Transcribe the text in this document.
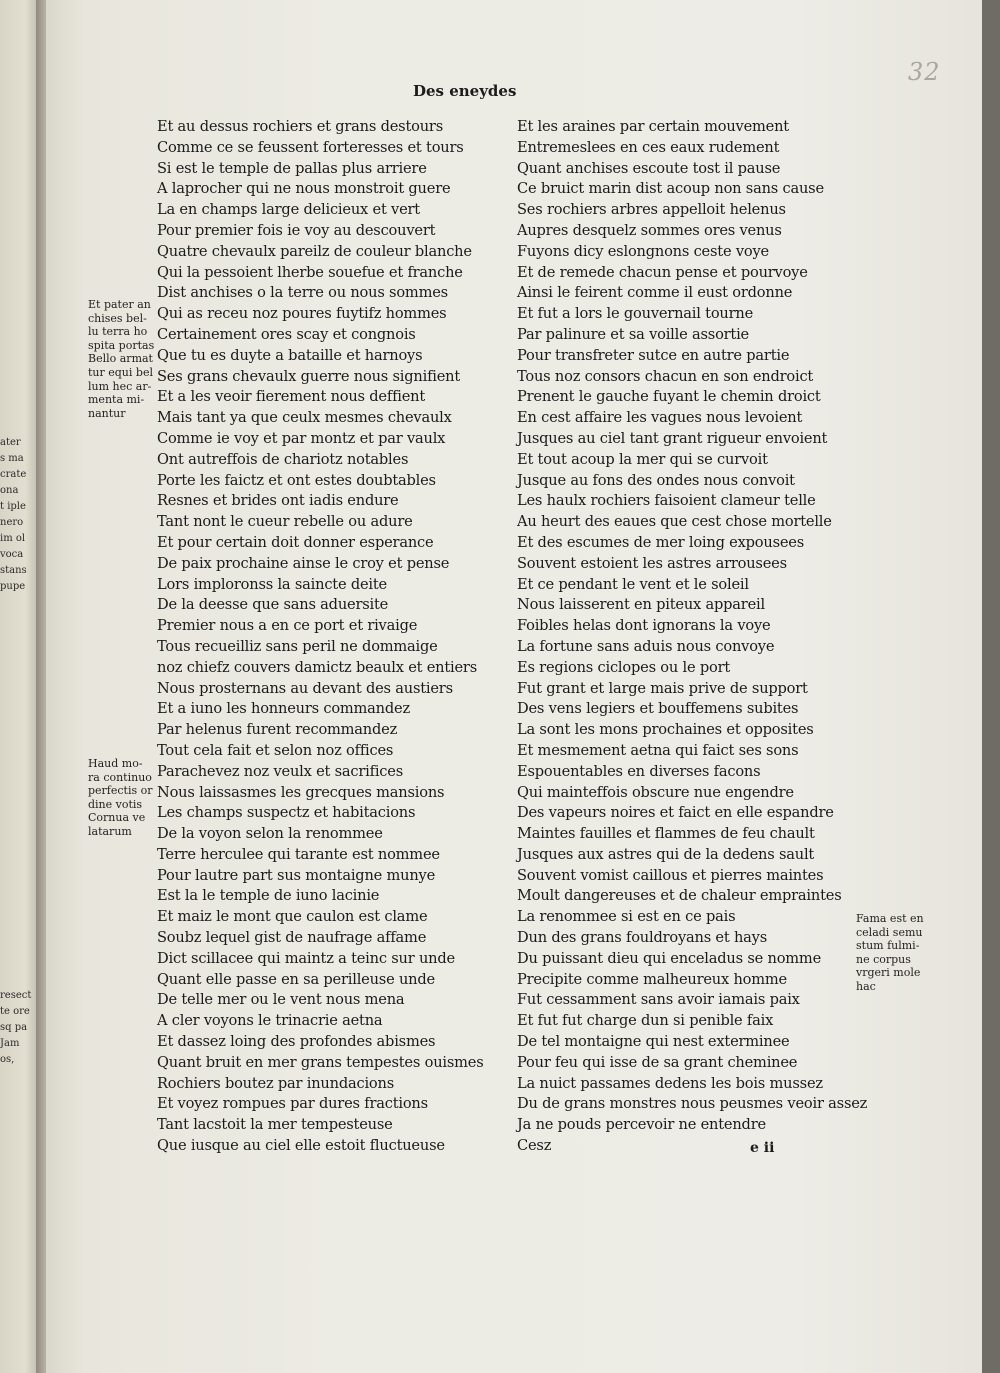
ater
s ma
crate
ona
t iple
nero
im ol
voca
stans
pupe
resect
te ore
sq pa
Jam
os,
32
Des eneydes
Et au dessus rochiers et grans destours
Comme ce se feussent forteresses et tours
Si est le temple de pallas plus arriere
A laprocher qui ne nous monstroit guere
La en champs large delicieux et vert
Pour premier fois ie voy au descouvert
Quatre chevaulx pareilz de couleur blanche
Qui la pessoient lherbe souefue et franche
Dist anchises o la terre ou nous sommes
Qui as receu noz poures fuytifz hommes
Certainement ores scay et congnois
Que tu es duyte a bataille et harnoys
Ses grans chevaulx guerre nous signifient
Et a les veoir fierement nous deffient
Mais tant ya que ceulx mesmes chevaulx
Comme ie voy et par montz et par vaulx
Ont autreffois de chariotz notables
Porte les faictz et ont estes doubtables
Resnes et brides ont iadis endure
Tant nont le cueur rebelle ou adure
Et pour certain doit donner esperance
De paix prochaine ainse le croy et pense
Lors imploronss la saincte deite
De la deesse que sans aduersite
Premier nous a en ce port et rivaige
Tous recueilliz sans peril ne dommaige
noz chiefz couvers damictz beaulx et entiers
Nous prosternans au devant des austiers
Et a iuno les honneurs commandez
Par helenus furent recommandez
Tout cela fait et selon noz offices
Parachevez noz veulx et sacrifices
Nous laissasmes les grecques mansions
Les champs suspectz et habitacions
De la voyon selon la renommee
Terre herculee qui tarante est nommee
Pour lautre part sus montaigne munye
Est la le temple de iuno lacinie
Et maiz le mont que caulon est clame
Soubz lequel gist de naufrage affame
Dict scillacee qui maintz a teinc sur unde
Quant elle passe en sa perilleuse unde
De telle mer ou le vent nous mena
A cler voyons le trinacrie aetna
Et dassez loing des profondes abismes
Quant bruit en mer grans tempestes ouismes
Rochiers boutez par inundacions
Et voyez rompues par dures fractions
Tant lacstoit la mer tempesteuse
Que iusque au ciel elle estoit fluctueuse
Et les araines par certain mouvement
Entremeslees en ces eaux rudement
Quant anchises escoute tost il pause
Ce bruict marin dist acoup non sans cause
Ses rochiers arbres appelloit helenus
Aupres desquelz sommes ores venus
Fuyons dicy eslongnons ceste voye
Et de remede chacun pense et pourvoye
Ainsi le feirent comme il eust ordonne
Et fut a lors le gouvernail tourne
Par palinure et sa voille assortie
Pour transfreter sutce en autre partie
Tous noz consors chacun en son endroict
Prenent le gauche fuyant le chemin droict
En cest affaire les vagues nous levoient
Jusques au ciel tant grant rigueur envoient
Et tout acoup la mer qui se curvoit
Jusque au fons des ondes nous convoit
Les haulx rochiers faisoient clameur telle
Au heurt des eaues que cest chose mortelle
Et des escumes de mer loing expousees
Souvent estoient les astres arrousees
Et ce pendant le vent et le soleil
Nous laisserent en piteux appareil
Foibles helas dont ignorans la voye
La fortune sans aduis nous convoye
Es regions ciclopes ou le port
Fut grant et large mais prive de support
Des vens legiers et bouffemens subites
La sont les mons prochaines et opposites
Et mesmement aetna qui faict ses sons
Espouentables en diverses facons
Qui mainteffois obscure nue engendre
Des vapeurs noires et faict en elle espandre
Maintes fauilles et flammes de feu chault
Jusques aux astres qui de la dedens sault
Souvent vomist caillous et pierres maintes
Moult dangereuses et de chaleur empraintes
La renommee si est en ce pais
Dun des grans fouldroyans et hays
Du puissant dieu qui enceladus se nomme
Precipite comme malheureux homme
Fut cessamment sans avoir iamais paix
Et fut fut charge dun si penible faix
De tel montaigne qui nest exterminee
Pour feu qui isse de sa grant cheminee
La nuict passames dedens les bois mussez
Du de grans monstres nous peusmes veoir assez
Ja ne pouds percevoir ne entendre
Cesz
Et pater an
chises bel-
lu terra ho
spita portas
Bello armat
tur equi bel
lum hec ar-
menta mi-
nantur
Haud mo-
ra continuo
perfectis or
dine votis
Cornua ve
latarum
Fama est en
celadi semu
stum fulmi-
ne corpus
vrgeri mole
hac
e ii
